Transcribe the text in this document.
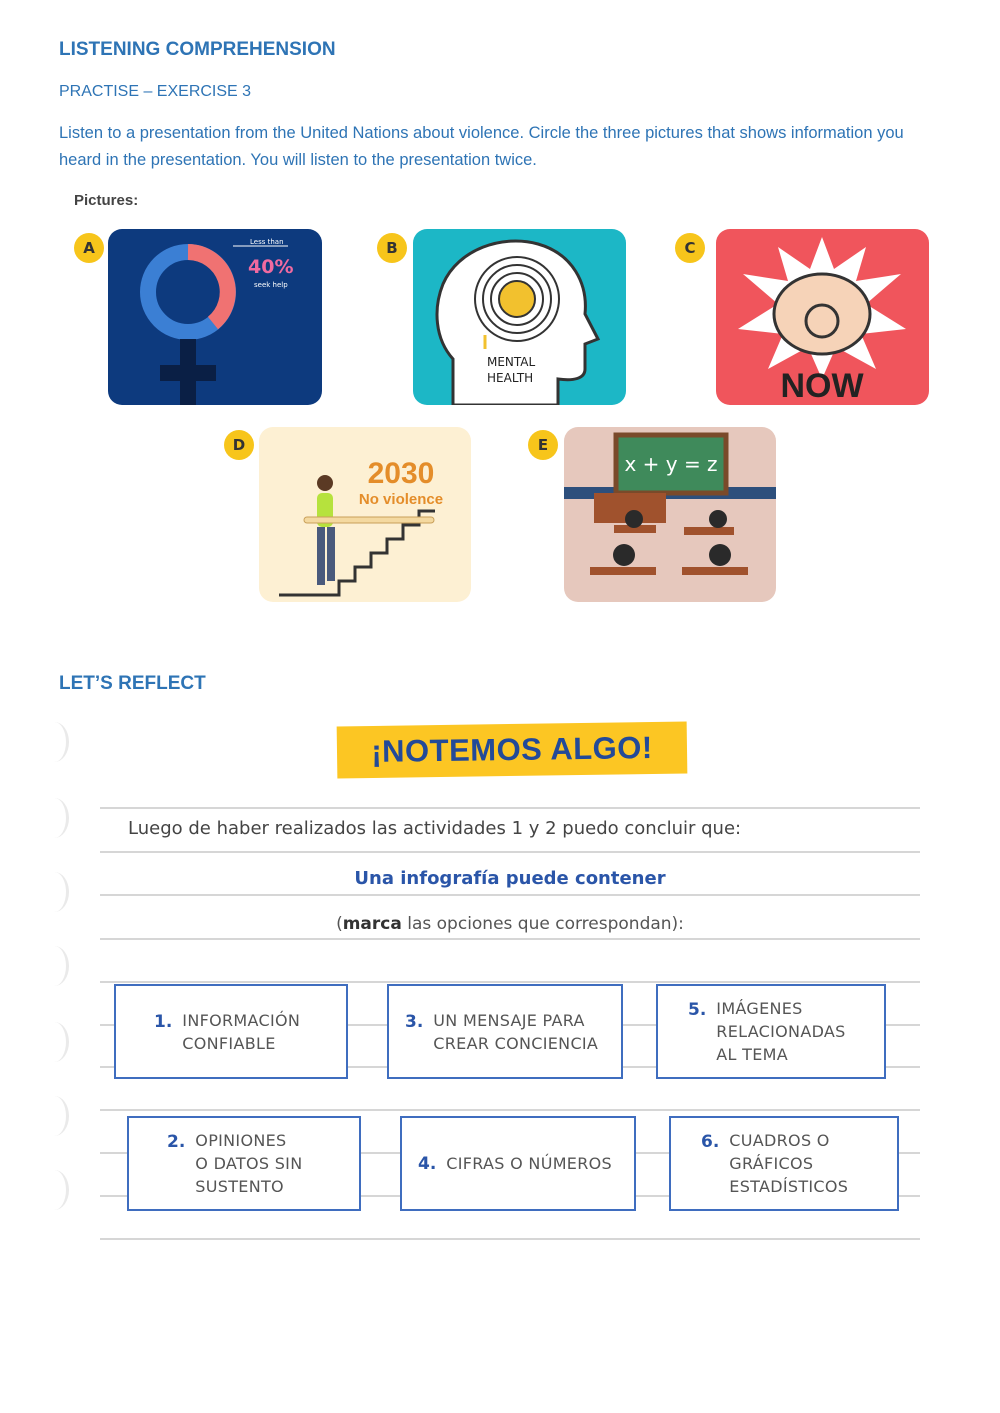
LISTENING COMPREHENSION
PRACTISE – EXERCISE 3
Listen to a presentation from the United Nations about violence. Circle the three pictures that shows information you heard in the presentation. You will listen to the presentation twice.
Pictures:
A	Less than
40%
seek help
B
MENTAL
HEALTH
C
NOW
D
2030
No violence
E
x + y = z
LET’S REFLECT
¡NOTEMOS ALGO!
Luego de haber realizados las actividades 1 y 2 puedo concluir que:
Una infografía puede contener
(marca las opciones que correspondan):
1. INFORMACIÓN
CONFIABLE
3. UN MENSAJE PARA
CREAR CONCIENCIA
5. IMÁGENES
RELACIONADAS
AL TEMA
2. OPINIONES
O DATOS SIN
SUSTENTO
4. CIFRAS O NÚMEROS
6. CUADROS O
GRÁFICOS
ESTADÍSTICOS
